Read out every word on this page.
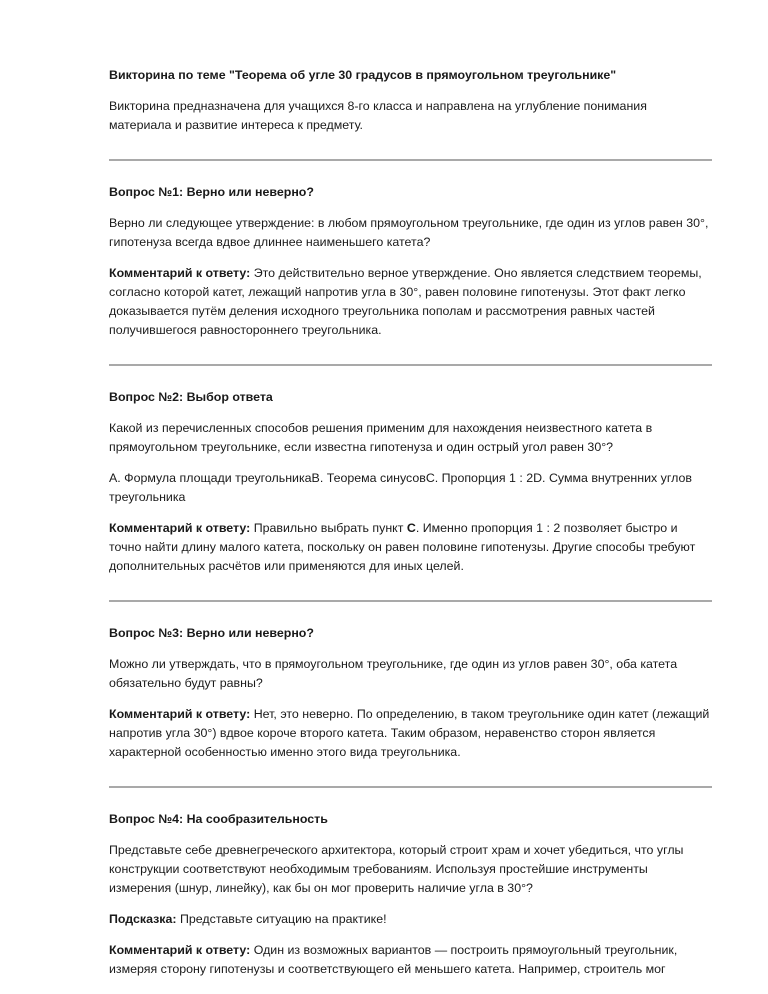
Викторина по теме "Теорема об угле 30 градусов в прямоугольном треугольнике"

Викторина предназначена для учащихся 8-го класса и направлена на углубление понимания материала и развитие интереса к предмету.

Вопрос №1: Верно или неверно?

Верно ли следующее утверждение: в любом прямоугольном треугольнике, где один из углов равен 30°, гипотенуза всегда вдвое длиннее наименьшего катета?

Комментарий к ответу: Это действительно верное утверждение. Оно является следствием теоремы, согласно которой катет, лежащий напротив угла в 30°, равен половине гипотенузы. Этот факт легко доказывается путём деления исходного треугольника пополам и рассмотрения равных частей получившегося равностороннего треугольника.

Вопрос №2: Выбор ответа

Какой из перечисленных способов решения применим для нахождения неизвестного катета в прямоугольном треугольнике, если известна гипотенуза и один острый угол равен 30°?

A. Формула площади треугольникаB. Теорема синусовC. Пропорция 1 : 2D. Сумма внутренних углов треугольника

Комментарий к ответу: Правильно выбрать пункт C. Именно пропорция 1 : 2 позволяет быстро и точно найти длину малого катета, поскольку он равен половине гипотенузы. Другие способы требуют дополнительных расчётов или применяются для иных целей.

Вопрос №3: Верно или неверно?

Можно ли утверждать, что в прямоугольном треугольнике, где один из углов равен 30°, оба катета обязательно будут равны?

Комментарий к ответу: Нет, это неверно. По определению, в таком треугольнике один катет (лежащий напротив угла 30°) вдвое короче второго катета. Таким образом, неравенство сторон является характерной особенностью именно этого вида треугольника.

Вопрос №4: На сообразительность

Представьте себе древнегреческого архитектора, который строит храм и хочет убедиться, что углы конструкции соответствуют необходимым требованиям. Используя простейшие инструменты измерения (шнур, линейку), как бы он мог проверить наличие угла в 30°?

Подсказка: Представьте ситуацию на практике!

Комментарий к ответу: Один из возможных вариантов — построить прямоугольный треугольник, измеряя сторону гипотенузы и соответствующего ей меньшего катета. Например, строитель мог
